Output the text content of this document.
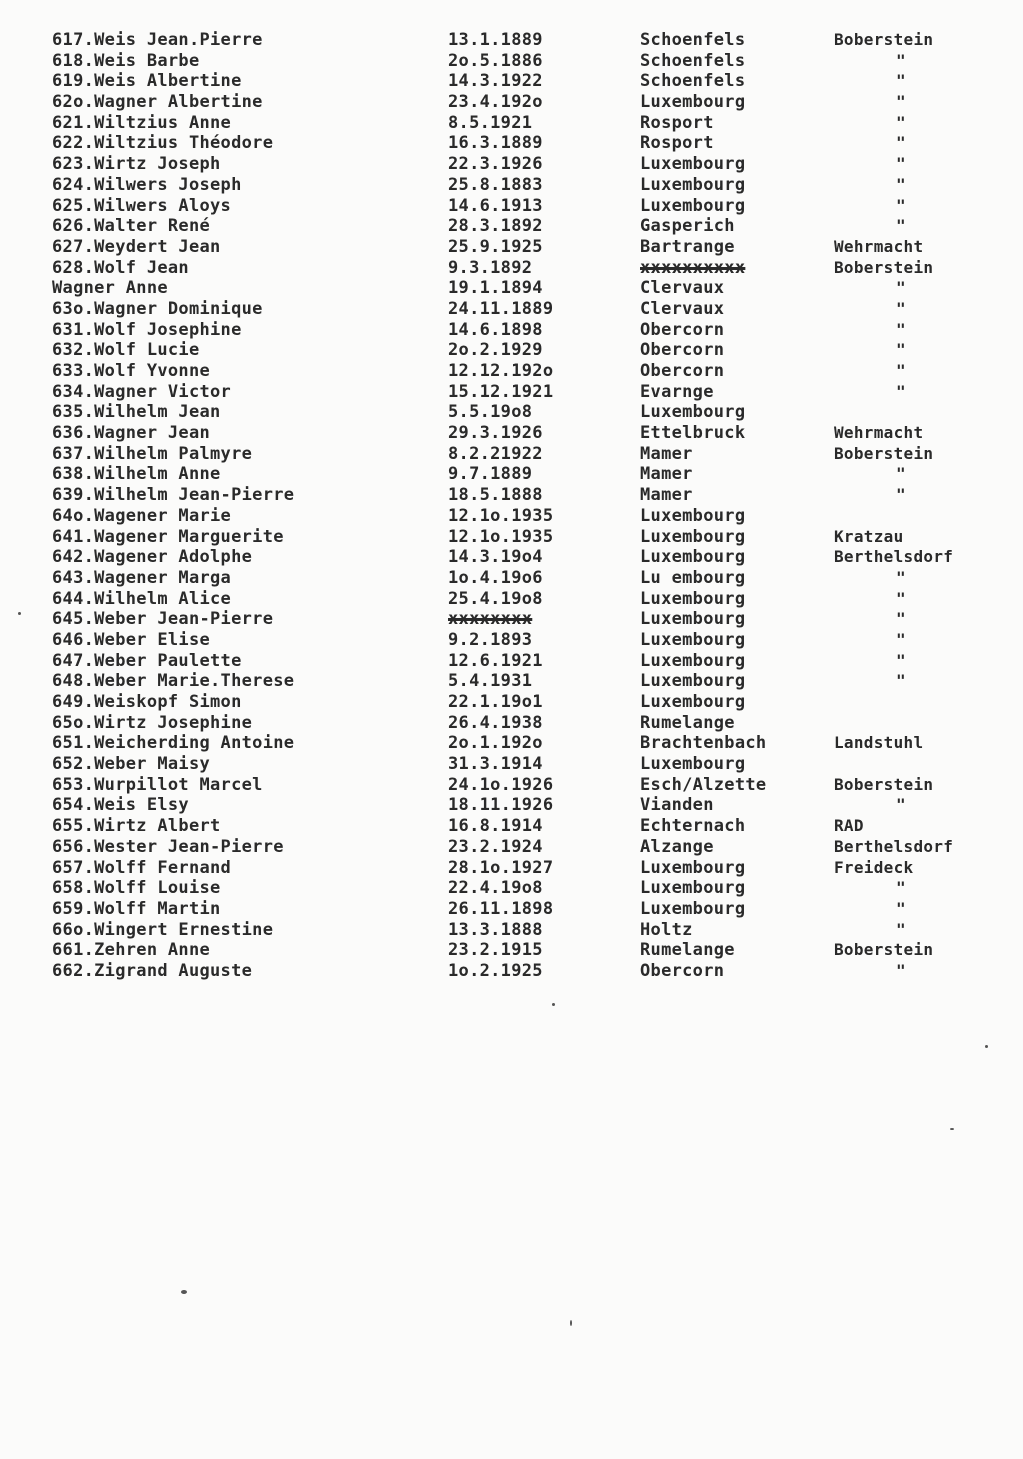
617.Weis Jean.Pierre
618.Weis Barbe
619.Weis Albertine
62o.Wagner Albertine
621.Wiltzius Anne
622.Wiltzius Théodore
623.Wirtz Joseph
624.Wilwers Joseph
625.Wilwers Aloys
626.Walter René
627.Weydert Jean
628.Wolf Jean
Wagner Anne
63o.Wagner Dominique
631.Wolf Josephine
632.Wolf Lucie
633.Wolf Yvonne
634.Wagner Victor
635.Wilhelm Jean
636.Wagner Jean
637.Wilhelm Palmyre
638.Wilhelm Anne
639.Wilhelm Jean-Pierre
64o.Wagener Marie
641.Wagener Marguerite
642.Wagener Adolphe
643.Wagener Marga
644.Wilhelm Alice
645.Weber Jean-Pierre
646.Weber Elise
647.Weber Paulette
648.Weber Marie.Therese
649.Weiskopf Simon
65o.Wirtz Josephine
651.Weicherding Antoine
652.Weber Maisy
653.Wurpillot Marcel
654.Weis Elsy
655.Wirtz Albert
656.Wester Jean-Pierre
657.Wolff Fernand
658.Wolff Louise
659.Wolff Martin
66o.Wingert Ernestine
661.Zehren Anne
662.Zigrand Auguste
13.1.1889
2o.5.1886
14.3.1922
23.4.192o
8.5.1921
16.3.1889
22.3.1926
25.8.1883
14.6.1913
28.3.1892
25.9.1925
9.3.1892
19.1.1894
24.11.1889
14.6.1898
2o.2.1929
12.12.192o
15.12.1921
5.5.19o8
29.3.1926
8.2.21922
9.7.1889
18.5.1888
12.1o.1935
12.1o.1935
14.3.19o4
1o.4.19o6
25.4.19o8
xxxxxxxx
9.2.1893
12.6.1921
5.4.1931
22.1.19o1
26.4.1938
2o.1.192o
31.3.1914
24.1o.1926
18.11.1926
16.8.1914
23.2.1924
28.1o.1927
22.4.19o8
26.11.1898
13.3.1888
23.2.1915
1o.2.1925
Schoenfels
Schoenfels
Schoenfels
Luxembourg
Rosport
Rosport
Luxembourg
Luxembourg
Luxembourg
Gasperich
Bartrange
xxxxxxxxxx
Clervaux
Clervaux
Obercorn
Obercorn
Obercorn
Evarnge
Luxembourg
Ettelbruck
Mamer
Mamer
Mamer
Luxembourg
Luxembourg
Luxembourg
Lu embourg
Luxembourg
Luxembourg
Luxembourg
Luxembourg
Luxembourg
Luxembourg
Rumelange
Brachtenbach
Luxembourg
Esch/Alzette
Vianden
Echternach
Alzange
Luxembourg
Luxembourg
Luxembourg
Holtz
Rumelange
Obercorn
Boberstein
"
"
"
"
"
"
"
"
"
Wehrmacht
Boberstein
"
"
"
"
"
"
Wehrmacht
Boberstein
"
"
Kratzau
Berthelsdorf
"
"
"
"
"
"
Landstuhl
Boberstein
"
RAD
Berthelsdorf
Freideck
"
"
"
Boberstein
"
